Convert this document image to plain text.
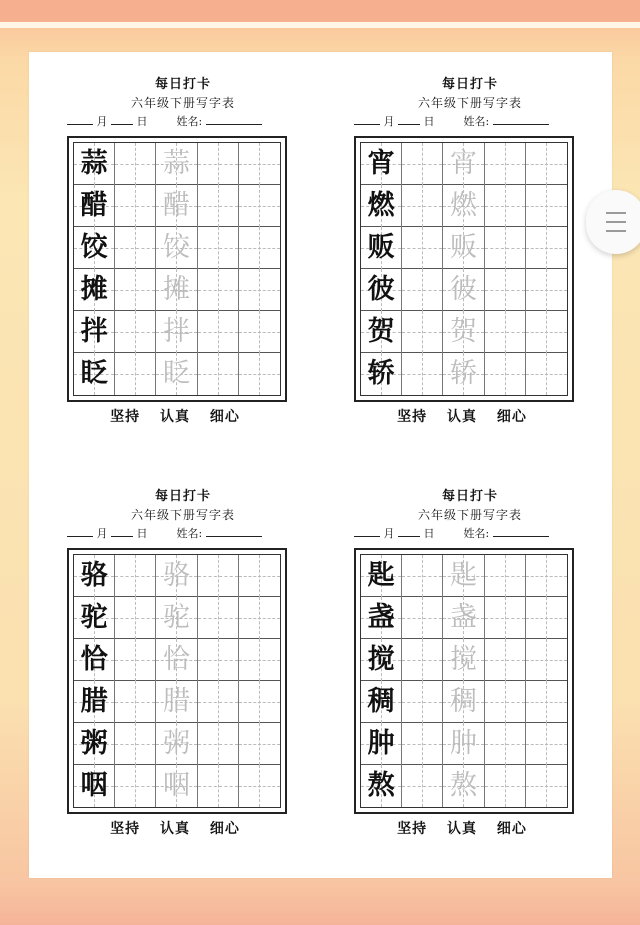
每日打卡
六年级下册写字表
月	日	姓名:
蒜 蒜
醋 醋
饺 饺
摊 摊
拌 拌
眨 眨
坚持 认真 细心
每日打卡
六年级下册写字表
月	日	姓名:
宵 宵
燃 燃
贩 贩
彼 彼
贺 贺
轿 轿
坚持 认真 细心
每日打卡
六年级下册写字表
月	日	姓名:
骆 骆
驼 驼
恰 恰
腊 腊
粥 粥
咽 咽
坚持 认真 细心
每日打卡
六年级下册写字表
月	日	姓名:
匙 匙
盏 盏
搅 搅
稠 稠
肿 肿
熬 熬
坚持 认真 细心
